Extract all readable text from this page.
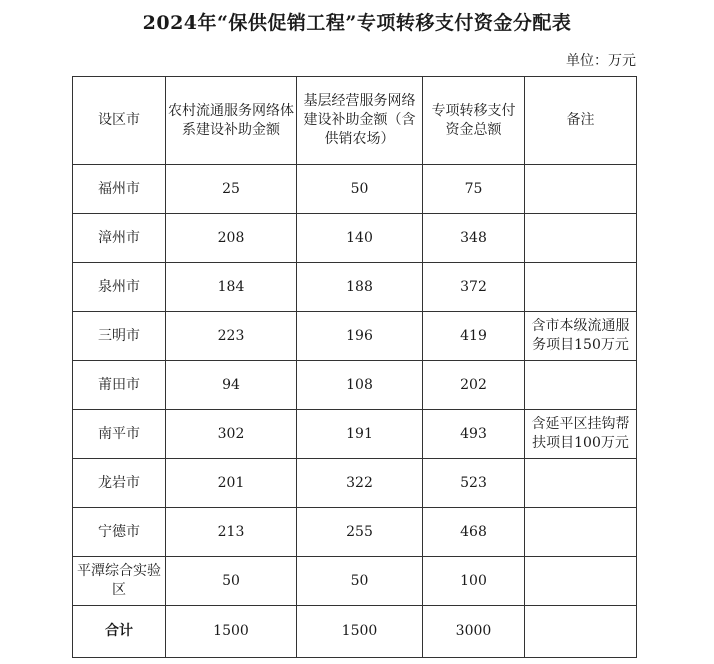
2024年“保供促销工程”专项转移支付资金分配表
单位：万元
设区市	农村流通服务网络体系建设补助金额	基层经营服务网络建设补助金额（含供销农场）	专项转移支付资金总额	备注
福州市	25	50	75	
漳州市	208	140	348	
泉州市	184	188	372	
三明市	223	196	419	含市本级流通服务项目150万元
莆田市	94	108	202	
南平市	302	191	493	含延平区挂钩帮扶项目100万元
龙岩市	201	322	523	
宁德市	213	255	468	
平潭综合实验区	50	50	100	
合计	1500	1500	3000	
